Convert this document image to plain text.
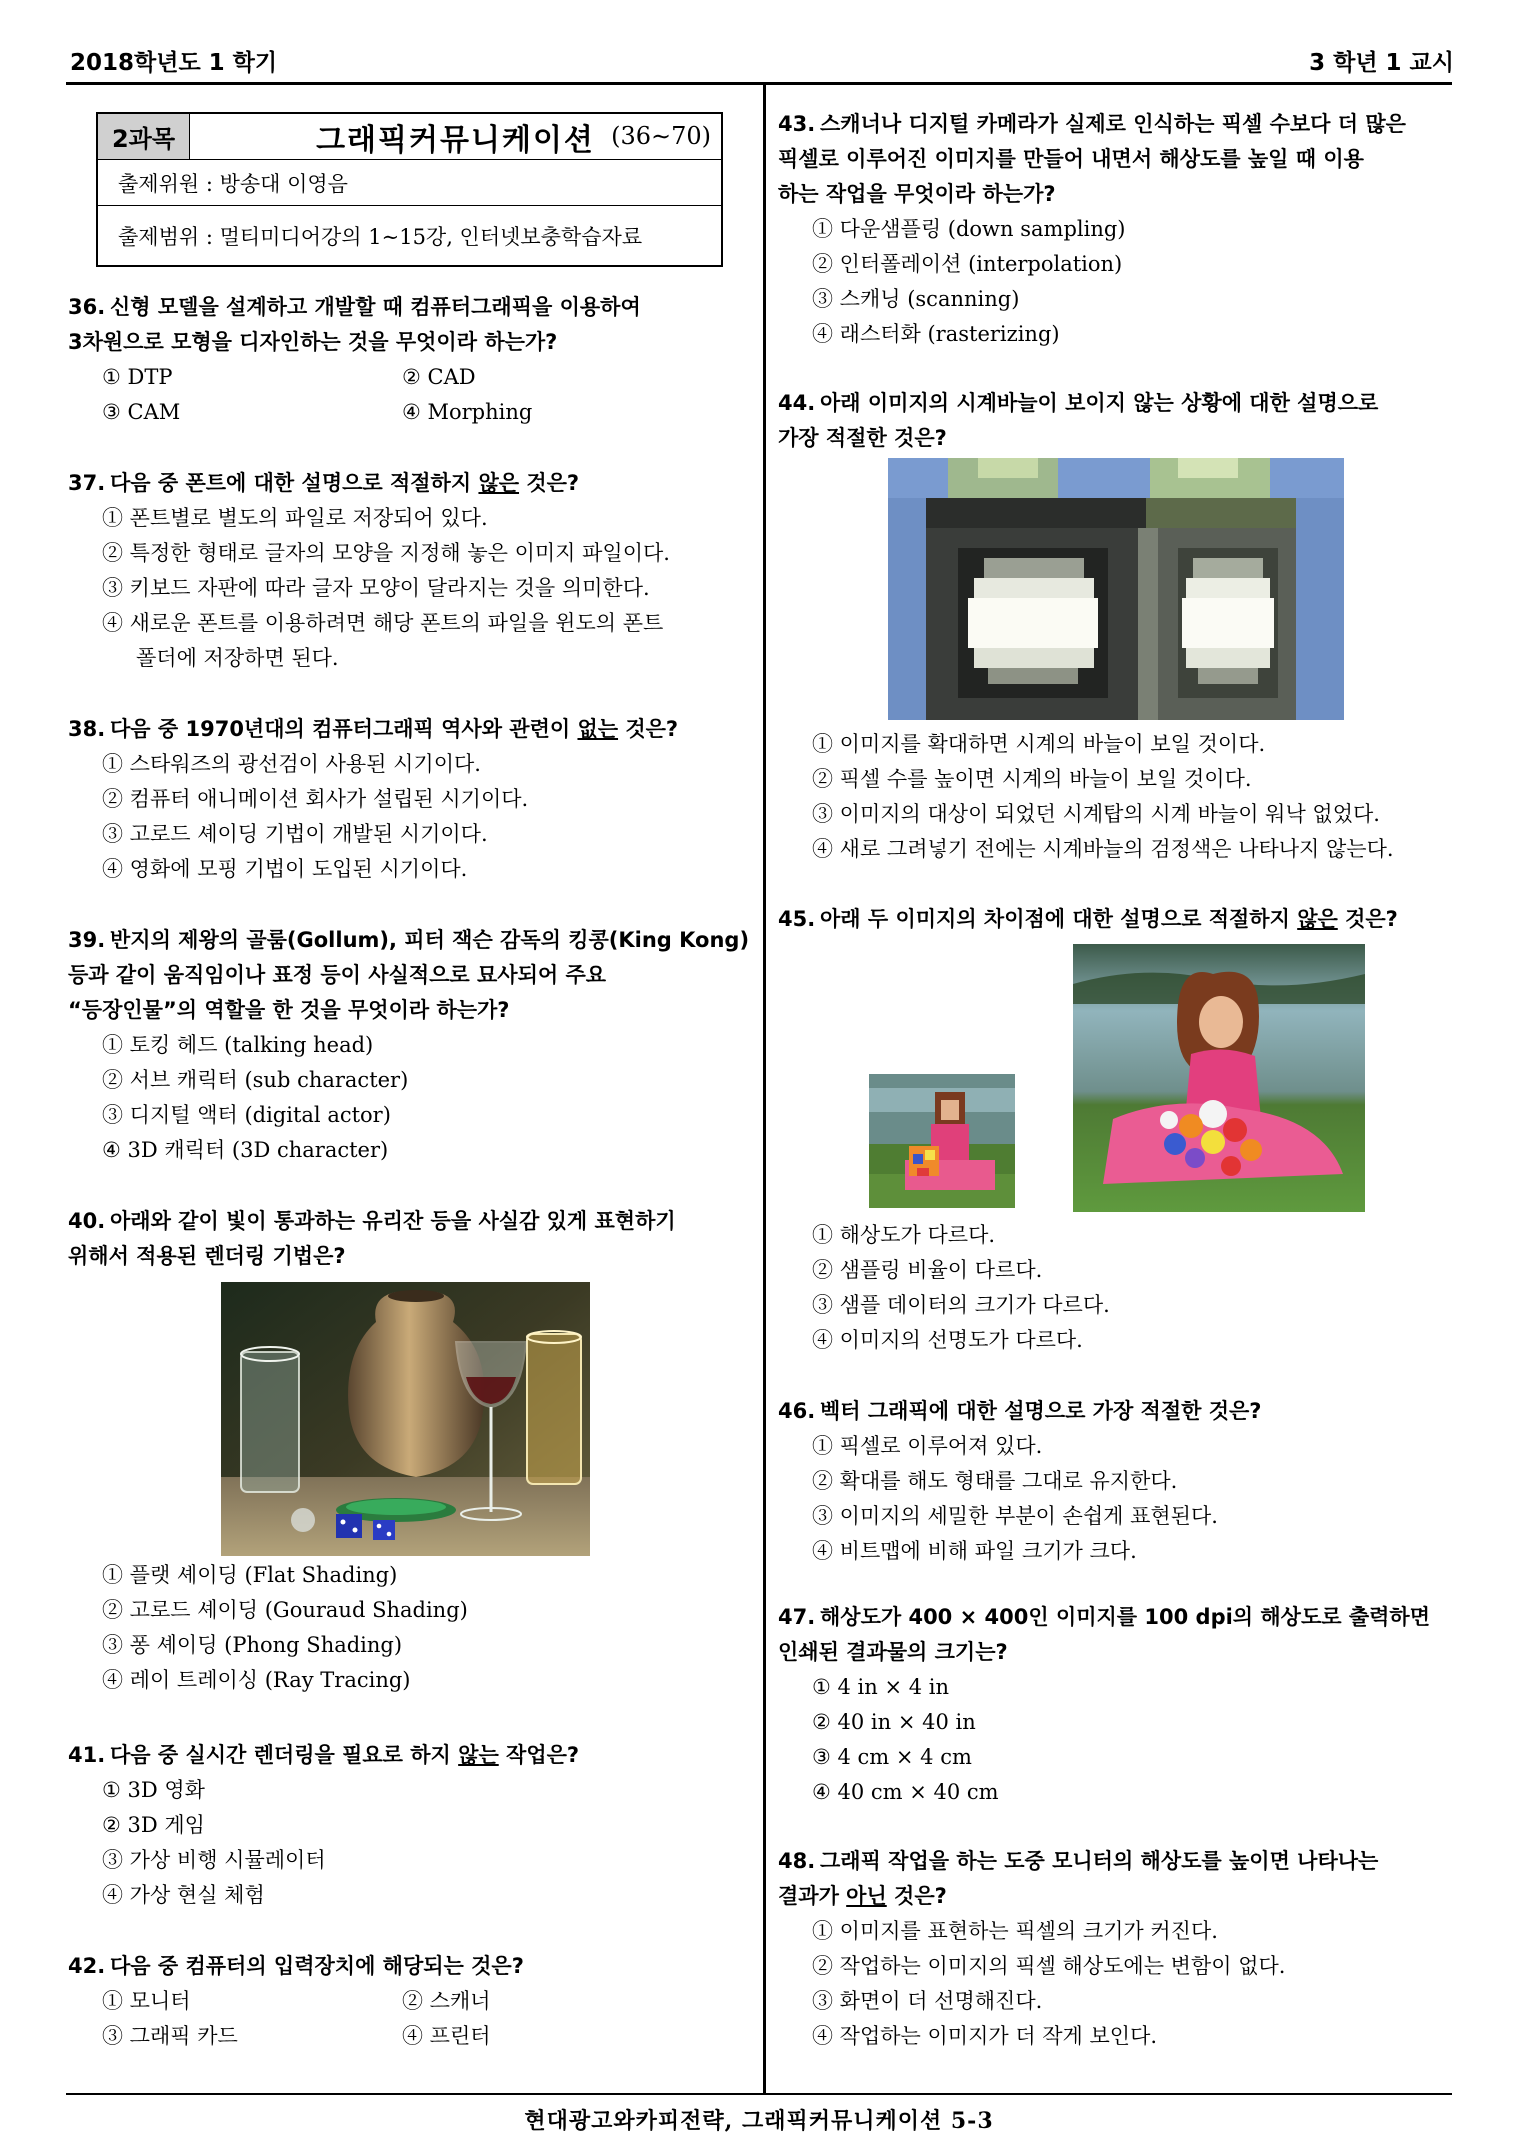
2018학년도 1 학기	3 학년 1 교시
2과목	그래픽커뮤니케이션 (36∼70)
출제위원 : 방송대 이영음
출제범위 : 멀티미디어강의 1∼15강, 인터넷보충학습자료
36. 신형 모델을 설계하고 개발할 때 컴퓨터그래픽을 이용하여
3차원으로 모형을 디자인하는 것을 무엇이라 하는가?
① DTP	② CAD
③ CAM	④ Morphing
37. 다음 중 폰트에 대한 설명으로 적절하지 않은 것은?
① 폰트별로 별도의 파일로 저장되어 있다.
② 특정한 형태로 글자의 모양을 지정해 놓은 이미지 파일이다.
③ 키보드 자판에 따라 글자 모양이 달라지는 것을 의미한다.
④ 새로운 폰트를 이용하려면 해당 폰트의 파일을 윈도의 폰트
폴더에 저장하면 된다.
38. 다음 중 1970년대의 컴퓨터그래픽 역사와 관련이 없는 것은?
① 스타워즈의 광선검이 사용된 시기이다.
② 컴퓨터 애니메이션 회사가 설립된 시기이다.
③ 고로드 셰이딩 기법이 개발된 시기이다.
④ 영화에 모핑 기법이 도입된 시기이다.
39. 반지의 제왕의 골룸(Gollum), 피터 잭슨 감독의 킹콩(King Kong)
등과 같이 움직임이나 표정 등이 사실적으로 묘사되어 주요
“등장인물”의 역할을 한 것을 무엇이라 하는가?
① 토킹 헤드 (talking head)
② 서브 캐릭터 (sub character)
③ 디지털 액터 (digital actor)
④ 3D 캐릭터 (3D character)
40. 아래와 같이 빛이 통과하는 유리잔 등을 사실감 있게 표현하기
위해서 적용된 렌더링 기법은?
① 플랫 셰이딩 (Flat Shading)
② 고로드 셰이딩 (Gouraud Shading)
③ 퐁 셰이딩 (Phong Shading)
④ 레이 트레이싱 (Ray Tracing)
41. 다음 중 실시간 렌더링을 필요로 하지 않는 작업은?
① 3D 영화
② 3D 게임
③ 가상 비행 시뮬레이터
④ 가상 현실 체험
42. 다음 중 컴퓨터의 입력장치에 해당되는 것은?
① 모니터	② 스캐너
③ 그래픽 카드	④ 프린터
43. 스캐너나 디지털 카메라가 실제로 인식하는 픽셀 수보다 더 많은
픽셀로 이루어진 이미지를 만들어 내면서 해상도를 높일 때 이용
하는 작업을 무엇이라 하는가?
① 다운샘플링 (down sampling)
② 인터폴레이션 (interpolation)
③ 스캐닝 (scanning)
④ 래스터화 (rasterizing)
44. 아래 이미지의 시계바늘이 보이지 않는 상황에 대한 설명으로
가장 적절한 것은?
① 이미지를 확대하면 시계의 바늘이 보일 것이다.
② 픽셀 수를 높이면 시계의 바늘이 보일 것이다.
③ 이미지의 대상이 되었던 시계탑의 시계 바늘이 워낙 없었다.
④ 새로 그려넣기 전에는 시계바늘의 검정색은 나타나지 않는다.
45. 아래 두 이미지의 차이점에 대한 설명으로 적절하지 않은 것은?
① 해상도가 다르다.
② 샘플링 비율이 다르다.
③ 샘플 데이터의 크기가 다르다.
④ 이미지의 선명도가 다르다.
46. 벡터 그래픽에 대한 설명으로 가장 적절한 것은?
① 픽셀로 이루어져 있다.
② 확대를 해도 형태를 그대로 유지한다.
③ 이미지의 세밀한 부분이 손쉽게 표현된다.
④ 비트맵에 비해 파일 크기가 크다.
47. 해상도가 400 × 400인 이미지를 100 dpi의 해상도로 출력하면
인쇄된 결과물의 크기는?
① 4 in × 4 in
② 40 in × 40 in
③ 4 cm × 4 cm
④ 40 cm × 40 cm
48. 그래픽 작업을 하는 도중 모니터의 해상도를 높이면 나타나는
결과가 아닌 것은?
① 이미지를 표현하는 픽셀의 크기가 커진다.
② 작업하는 이미지의 픽셀 해상도에는 변함이 없다.
③ 화면이 더 선명해진다.
④ 작업하는 이미지가 더 작게 보인다.
현대광고와카피전략, 그래픽커뮤니케이션 5-3
